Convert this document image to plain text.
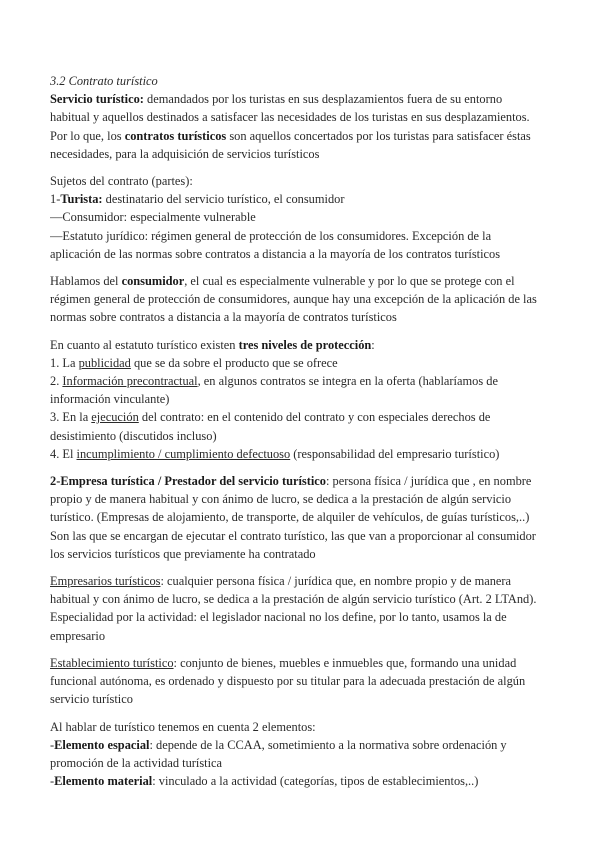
3.2 Contrato turístico
Servicio turístico: demandados por los turistas en sus desplazamientos fuera de su entorno
habitual y aquellos destinados a satisfacer las necesidades de los turistas en sus desplazamientos.
Por lo que, los contratos turísticos son aquellos concertados por los turistas para satisfacer éstas
necesidades, para la adquisición de servicios turísticos
Sujetos del contrato (partes):
1-Turista: destinatario del servicio turístico, el consumidor
—Consumidor: especialmente vulnerable
—Estatuto jurídico: régimen general de protección de los consumidores. Excepción de la
aplicación de las normas sobre contratos a distancia a la mayoría de los contratos turísticos
Hablamos del consumidor, el cual es especialmente vulnerable y por lo que se protege con el
régimen general de protección de consumidores, aunque hay una excepción de la aplicación de las
normas sobre contratos a distancia a la mayoría de contratos turísticos
En cuanto al estatuto turístico existen tres niveles de protección:
1. La publicidad que se da sobre el producto que se ofrece
2. Información precontractual, en algunos contratos se integra en la oferta (hablaríamos de
información vinculante)
3. En la ejecución del contrato: en el contenido del contrato y con especiales derechos de
desistimiento (discutidos incluso)
4. El incumplimiento / cumplimiento defectuoso (responsabilidad del empresario turístico)
2-Empresa turística / Prestador del servicio turístico: persona física / jurídica que , en nombre
propio y de manera habitual y con ánimo de lucro, se dedica a la prestación de algún servicio
turístico. (Empresas de alojamiento, de transporte, de alquiler de vehículos, de guías turísticos,..)
Son las que se encargan de ejecutar el contrato turístico, las que van a proporcionar al consumidor
los servicios turísticos que previamente ha contratado
Empresarios turísticos: cualquier persona física / jurídica que, en nombre propio y de manera
habitual y con ánimo de lucro, se dedica a la prestación de algún servicio turístico (Art. 2 LTAnd).
Especialidad por la actividad: el legislador nacional no los define, por lo tanto, usamos la de
empresario
Establecimiento turístico: conjunto de bienes, muebles e inmuebles que, formando una unidad
funcional autónoma, es ordenado y dispuesto por su titular para la adecuada prestación de algún
servicio turístico
Al hablar de turístico tenemos en cuenta 2 elementos:
-Elemento espacial: depende de la CCAA, sometimiento a la normativa sobre ordenación y
promoción de la actividad turística
-Elemento material: vinculado a la actividad (categorías, tipos de establecimientos,..)
